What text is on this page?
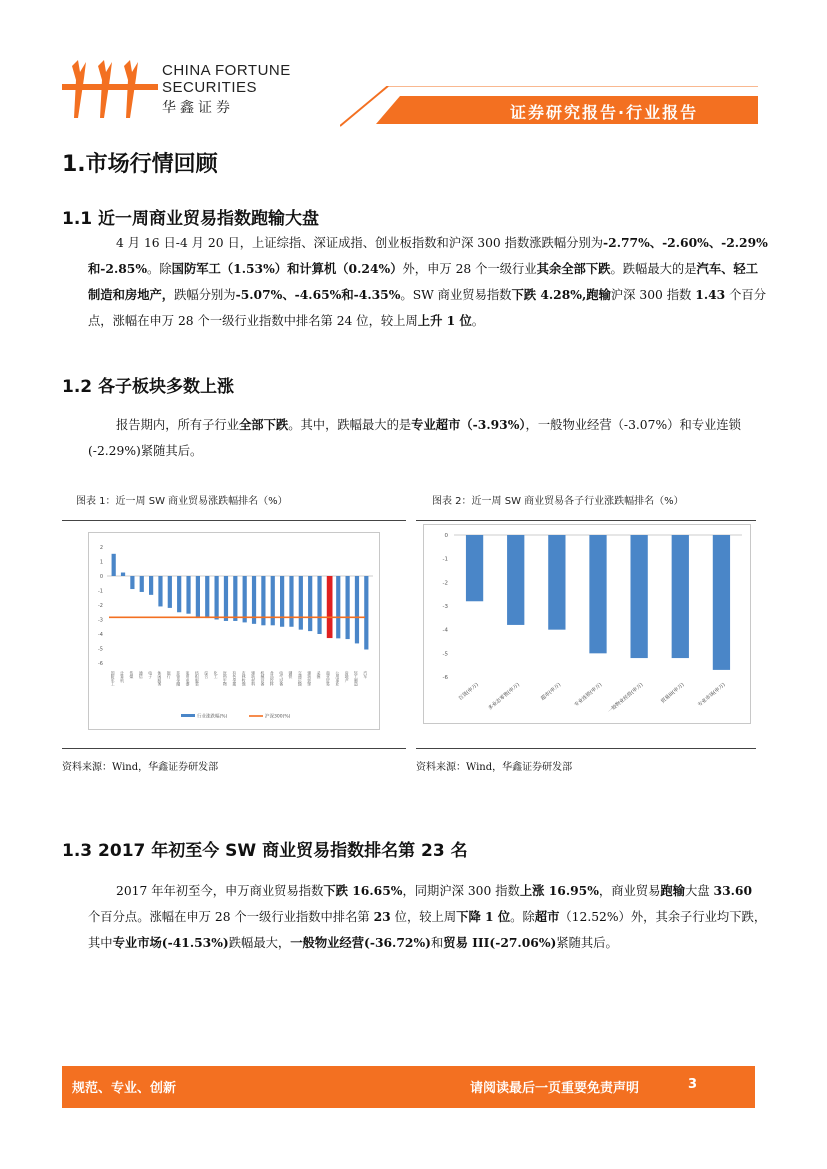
CHINA FORTUNE
SECURITIES
华鑫证券	证券研究报告·行业报告
1.市场行情回顾
1.1 近一周商业贸易指数跑输大盘
4 月 16 日-4 月 20 日，上证综指、深证成指、创业板指数和沪深 300 指数涨跌幅分别为-2.77%、-2.60%、-2.29%和-2.85%。除国防军工（1.53%）和计算机（0.24%）外，申万 28 个一级行业其余全部下跌。跌幅最大的是汽车、轻工制造和房地产，跌幅分别为-5.07%、-4.65%和-4.35%。SW 商业贸易指数下跌 4.28%,跑输沪深 300 指数 1.43 个百分点，涨幅在申万 28 个一级行业指数中排名第 24 位，较上周上升 1 位。
1.2 各子板块多数上涨
报告期内，所有子行业全部下跌。其中，跌幅最大的是专业超市（-3.93%），一般物业经营（-3.07%）和专业连锁(-2.29%)紧随其后。
图表 1：近一周 SW 商业贸易涨跌幅排名（%）
2
1
0
-1
-2
-3
-4
-5
-6
国防军工 计算机 传媒 通信 电子 休闲服务 银行 非银金融 家用电器 纺织服装 综合 化工 医药生物 有色金属 农林牧渔 建筑材料 机械设备 食品饮料 电气设备 钢铁 交通运输 建筑装饰 采掘 商业贸易 公用事业 房地产 轻工制造 汽车
行业涨跌幅(%)	沪深300(%)
资料来源：Wind，华鑫证券研发部
图表 2：近一周 SW 商业贸易各子行业涨跌幅排名（%）
0
-1
-2
-3
-4
-5
-6
百货(申万) 多业态零售(申万)	超市(申万) 专业连锁(申万) 一般物业经营(申万)	贸易III(申万) 专业市场(申万)
资料来源：Wind，华鑫证券研发部
1.3 2017 年初至今 SW 商业贸易指数排名第 23 名
2017 年年初至今，申万商业贸易指数下跌 16.65%，同期沪深 300 指数上涨 16.95%，商业贸易跑输大盘 33.60 个百分点。涨幅在申万 28 个一级行业指数中排名第 23 位，较上周下降 1 位。除超市（12.52%）外，其余子行业均下跌，其中专业市场(-41.53%)跌幅最大，一般物业经营(-36.72%)和贸易 III(-27.06%)紧随其后。
规范、专业、创新	请阅读最后一页重要免责声明	3
